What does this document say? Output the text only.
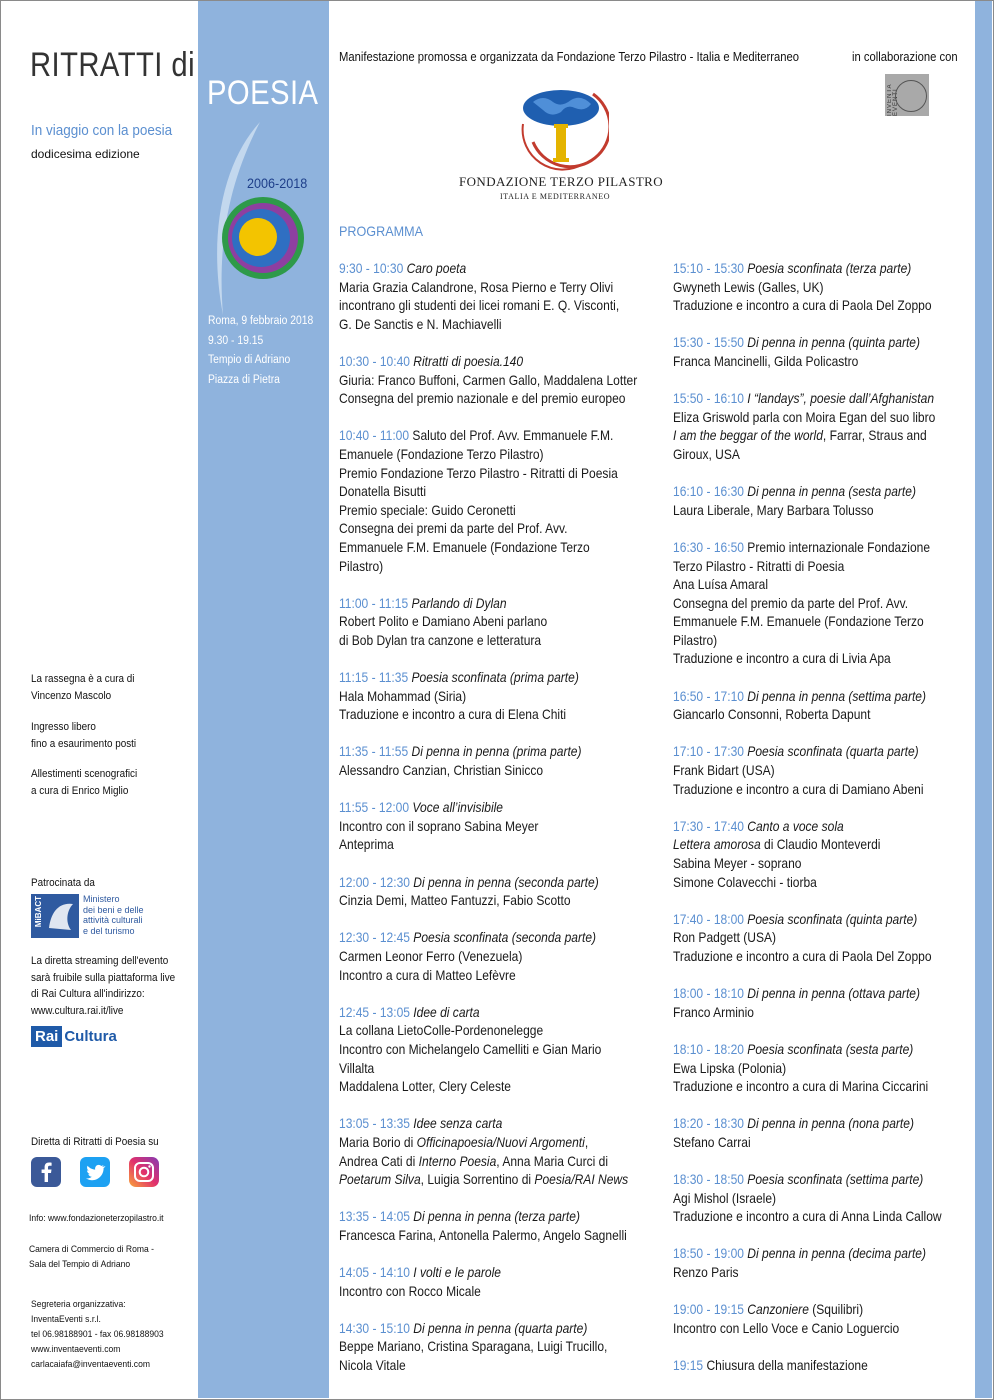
RITRATTI di
POESIA
In viaggio con la poesia
dodicesima edizione
2006-2018
Roma, 9 febbraio 2018
9.30 - 19.15
Tempio di Adriano
Piazza di Pietra
Manifestazione promossa e organizzata da Fondazione Terzo Pilastro - Italia e Mediterraneo	in collaborazione con
INVENTA EVENTI
FONDAZIONE TERZO PILASTRO
ITALIA E MEDITERRANEO
PROGRAMMA
9:30 - 10:30 Caro poeta
Maria Grazia Calandrone, Rosa Pierno e Terry Olivi
incontrano gli studenti dei licei romani E. Q. Visconti,
G. De Sanctis e N. Machiavelli
10:30 - 10:40 Ritratti di poesia.140
Giuria: Franco Buffoni, Carmen Gallo, Maddalena Lotter
Consegna del premio nazionale e del premio europeo
10:40 - 11:00 Saluto del Prof. Avv. Emmanuele F.M.
Emanuele (Fondazione Terzo Pilastro)
Premio Fondazione Terzo Pilastro - Ritratti di Poesia
Donatella Bisutti
Premio speciale: Guido Ceronetti
Consegna dei premi da parte del Prof. Avv.
Emmanuele F.M. Emanuele (Fondazione Terzo
Pilastro)
11:00 - 11:15 Parlando di Dylan
Robert Polito e Damiano Abeni parlano
di Bob Dylan tra canzone e letteratura
11:15 - 11:35 Poesia sconfinata (prima parte)
Hala Mohammad (Siria)
Traduzione e incontro a cura di Elena Chiti
11:35 - 11:55 Di penna in penna (prima parte)
Alessandro Canzian, Christian Sinicco
11:55 - 12:00 Voce all’invisibile
Incontro con il soprano Sabina Meyer
Anteprima
12:00 - 12:30 Di penna in penna (seconda parte)
Cinzia Demi, Matteo Fantuzzi, Fabio Scotto
12:30 - 12:45 Poesia sconfinata (seconda parte)
Carmen Leonor Ferro (Venezuela)
Incontro a cura di Matteo Lefèvre
12:45 - 13:05 Idee di carta
La collana LietoColle-Pordenonelegge
Incontro con Michelangelo Camelliti e Gian Mario
Villalta
Maddalena Lotter, Clery Celeste
13:05 - 13:35 Idee senza carta
Maria Borio di Officinapoesia/Nuovi Argomenti,
Andrea Cati di Interno Poesia, Anna Maria Curci di
Poetarum Silva, Luigia Sorrentino di Poesia/RAI News
13:35 - 14:05 Di penna in penna (terza parte)
Francesca Farina, Antonella Palermo, Angelo Sagnelli
14:05 - 14:10 I volti e le parole
Incontro con Rocco Micale
14:30 - 15:10 Di penna in penna (quarta parte)
Beppe Mariano, Cristina Sparagana, Luigi Trucillo,
Nicola Vitale
15:10 - 15:30 Poesia sconfinata (terza parte)
Gwyneth Lewis (Galles, UK)
Traduzione e incontro a cura di Paola Del Zoppo
15:30 - 15:50 Di penna in penna (quinta parte)
Franca Mancinelli, Gilda Policastro
15:50 - 16:10 I “landays”, poesie dall’Afghanistan
Eliza Griswold parla con Moira Egan del suo libro
I am the beggar of the world, Farrar, Straus and
Giroux, USA
16:10 - 16:30 Di penna in penna (sesta parte)
Laura Liberale, Mary Barbara Tolusso
16:30 - 16:50 Premio internazionale Fondazione
Terzo Pilastro - Ritratti di Poesia
Ana Luísa Amaral
Consegna del premio da parte del Prof. Avv.
Emmanuele F.M. Emanuele (Fondazione Terzo
Pilastro)
Traduzione e incontro a cura di Livia Apa
16:50 - 17:10 Di penna in penna (settima parte)
Giancarlo Consonni, Roberta Dapunt
17:10 - 17:30 Poesia sconfinata (quarta parte)
Frank Bidart (USA)
Traduzione e incontro a cura di Damiano Abeni
17:30 - 17:40 Canto a voce sola
Lettera amorosa di Claudio Monteverdi
Sabina Meyer - soprano
Simone Colavecchi - tiorba
17:40 - 18:00 Poesia sconfinata (quinta parte)
Ron Padgett (USA)
Traduzione e incontro a cura di Paola Del Zoppo
18:00 - 18:10 Di penna in penna (ottava parte)
Franco Arminio
18:10 - 18:20 Poesia sconfinata (sesta parte)
Ewa Lipska (Polonia)
Traduzione e incontro a cura di Marina Ciccarini
18:20 - 18:30 Di penna in penna (nona parte)
Stefano Carrai
18:30 - 18:50 Poesia sconfinata (settima parte)
Agi Mishol (Israele)
Traduzione e incontro a cura di Anna Linda Callow
18:50 - 19:00 Di penna in penna (decima parte)
Renzo Paris
19:00 - 19:15 Canzoniere (Squilibri)
Incontro con Lello Voce e Canio Loguercio
19:15 Chiusura della manifestazione
La rassegna è a cura di
Vincenzo Mascolo
Ingresso libero
fino a esaurimento posti
Allestimenti scenografici
a cura di Enrico Miglio
Patrocinata da
MiBACT	Ministero
dei beni e delle
attività culturali
e del turismo
La diretta streaming dell'evento
sarà fruibile sulla piattaforma live
di Rai Cultura all'indirizzo:
www.cultura.rai.it/live
Rai Cultura
Diretta di Ritratti di Poesia su
Info: www.fondazioneterzopilastro.it
Camera di Commercio di Roma -
Sala del Tempio di Adriano
Segreteria organizzativa:
InventaEventi s.r.l.
tel 06.98188901 - fax 06.98188903
www.inventaeventi.com
carlacaiafa@inventaeventi.com
